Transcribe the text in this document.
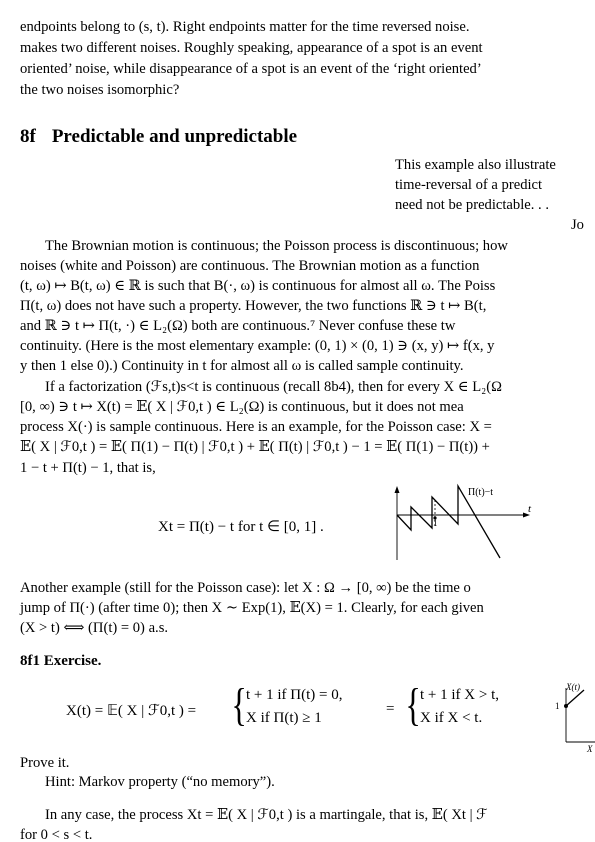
endpoints belong to (s, t). Right endpoints matter for the time reversed noise.
makes two different noises. Roughly speaking, appearance of a spot is an event
oriented’ noise, while disappearance of a spot is an event of the ‘right oriented’
the two noises isomorphic?
8f Predictable and unpredictable
This example also illustrate
time-reversal of a predict
need not be predictable. . .
Jo
The Brownian motion is continuous; the Poisson process is discontinuous; how
noises (white and Poisson) are continuous. The Brownian motion as a function
(t, ω) ↦ B(t, ω) ∈ ℝ is such that B(·, ω) is continuous for almost all ω. The Poiss
Π(t, ω) does not have such a property. However, the two functions ℝ ∋ t ↦ B(t,
and ℝ ∋ t ↦ Π(t, ·) ∈ L₂(Ω) both are continuous.⁷ Never confuse these tw
continuity. (Here is the most elementary example: (0, 1) × (0, 1) ∋ (x, y) ↦ f(x, y
y then 1 else 0).) Continuity in t for almost all ω is called sample continuity.
If a factorization (ℱs,t)s<t is continuous (recall 8b4), then for every X ∈ L₂(Ω
[0, ∞) ∋ t ↦ X(t) = 𝔼( X | ℱ0,t ) ∈ L₂(Ω) is continuous, but it does not mea
process X(·) is sample continuous. Here is an example, for the Poisson case: X =
𝔼( X | ℱ0,t ) = 𝔼( Π(1) − Π(t) | ℱ0,t ) + 𝔼( Π(t) | ℱ0,t ) − 1 = 𝔼( Π(1) − Π(t)) +
1 − t + Π(t) − 1, that is,
Xt = Π(t) − t for t ∈ [0, 1] .	1
Π(t)−t
t
Another example (still for the Poisson case): let X : Ω → [0, ∞) be the time o
jump of Π(·) (after time 0); then X ∼ Exp(1), 𝔼(X) = 1. Clearly, for each given
(X > t) ⟺ (Π(t) = 0) a.s.
8f1 Exercise.
X(t) = 𝔼( X | ℱ0,t ) = { t + 1 if Π(t) = 0,
X if Π(t) ≥ 1
= { t + 1 if X > t,
X if X < t.
X(t)
1
X
Prove it.
Hint: Markov property (“no memory”).
In any case, the process Xt = 𝔼( X | ℱ0,t ) is a martingale, that is, 𝔼( Xt | ℱ
for 0 < s < t.
